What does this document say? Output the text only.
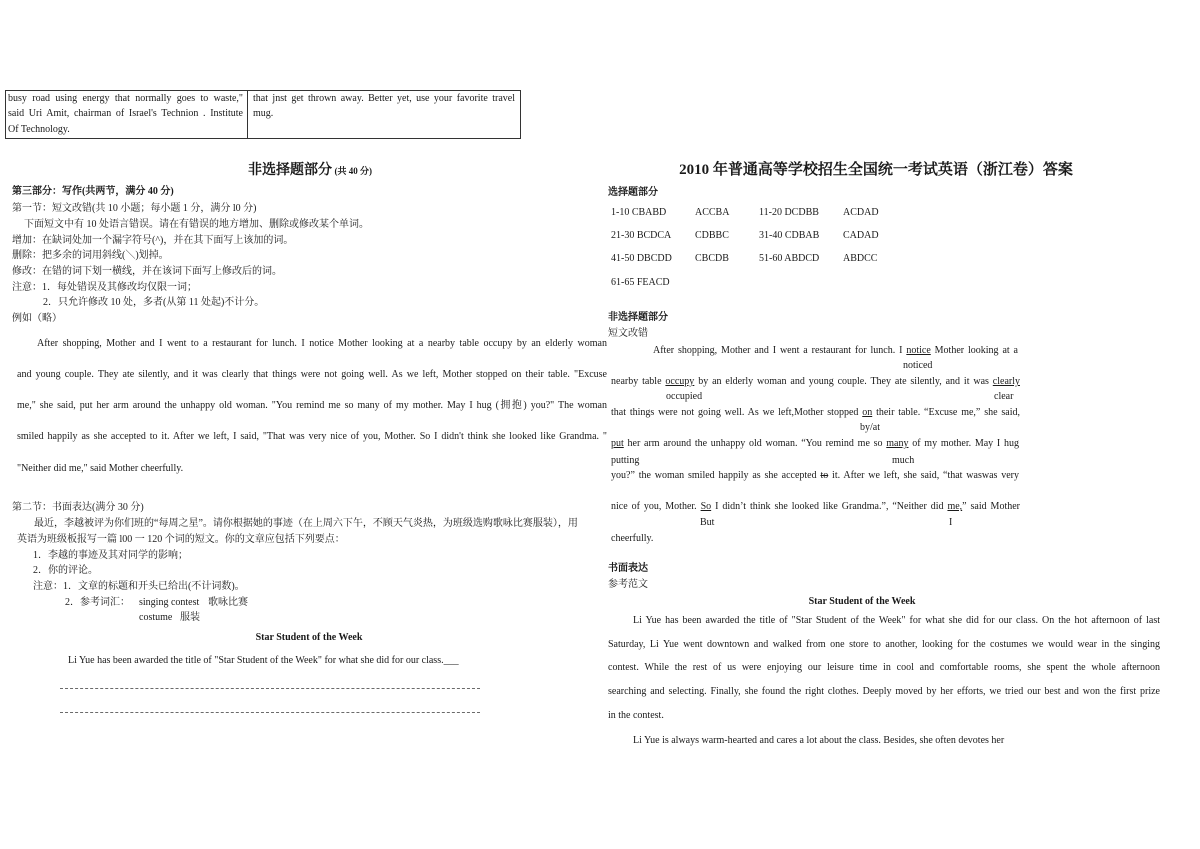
busy road using energy that normally goes to waste,"
said Uri Amit, chairman of Israel's Technion . Institute
Of Technology.
that jnst get thrown away. Better yet, use your favorite travel
mug.
非选择题部分 (共 40 分)
第三部分：写作(共两节，满分 40 分)
第一节：短文改错(共 10 小题；每小题 1 分，满分 l0 分)
下面短文中有 10 处语言错误。请在有错误的地方增加、删除或修改某个单词。
增加：在缺词处加一个漏字符号(^)，并在其下面写上该加的词。
删除：把多余的词用斜线(＼)划掉。
修改：在错的词下划一横线，并在该词下面写上修改后的词。
注意：1．每处错误及其修改均仅限一词；
2．只允许修改 10 处，多者(从第 11 处起)不计分。
例如（略）
After shopping, Mother and I went to a restaurant for lunch. I notice Mother looking at a nearby table occupy by an elderly woman
and young couple. They ate silently, and it was clearly that things were not going well. As we left, Mother stopped on their table. "Excuse
me," she said, put her arm around the unhappy old woman. "You remind me so many of my mother. May I hug (拥抱) you?" The woman
smiled happily as she accepted to it. After we left, I said, "That was very nice of you, Mother. So I didn't think she looked like Grandma. "
"Neither did me," said Mother cheerfully.
第二节：书面表达(满分 30 分)
最近，李越被评为你们班的“每周之星”。请你根据她的事迹（在上周六下午，不顾天气炎热，为班级选购歌咏比赛服装），用
英语为班级板报写一篇 l00 一 120 个词的短文。你的文章应包括下列要点：
1．李越的事迹及其对同学的影响；
2．你的评论。
注意：1．文章的标题和开头已给出(不计词数)。
2．参考词汇： singing contest 歌咏比赛
costume 服装
Star Student of the Week
Li Yue has been awarded the title of "Star Student of the Week" for what she did for our class.___
2010 年普通高等学校招生全国统一考试英语（浙江卷）答案
选择题部分
1-10 CBABD	ACCBA	11-20 DCDBB ACDAD
21-30 BCDCA CDBBC	31-40 CDBAB CADAD
41-50 DBCDD CBCDB	51-60 ABDCD ABDCC
61-65 FEACD
非选择题部分
短文改错
After shopping, Mother and I went a restaurant for lunch. I notice Mother looking at a
noticed
nearby table occupy by an elderly woman and young couple. They ate silently, and it was clearly
occupied	clear
that things were not going well. As we left,Mother stopped on their table. “Excuse me,” she said,
by/at
put her arm around the unhappy old woman. “You remind me so many of my mother. May I hug
putting	much
you?” the woman smiled happily as she accepted to it. After we left, she said, “that waswas very
nice of you, Mother. So I didn’t think she looked like Grandma.”, “Neither did me,” said Mother
But	I
cheerfully.
书面表达
参考范文
Star Student of the Week
Li Yue has been awarded the title of "Star Student of the Week" for what she did for our class. On the hot afternoon of last
Saturday, Li Yue went downtown and walked from one store to another, looking for the costumes we would wear in the singing
contest. While the rest of us were enjoying our leisure time in cool and comfortable rooms, she spent the whole afternoon
searching and selecting. Finally, she found the right clothes. Deeply moved by her efforts, we tried our best and won the first prize
in the contest.
Li Yue is always warm-hearted and cares a lot about the class. Besides, she often devotes her
